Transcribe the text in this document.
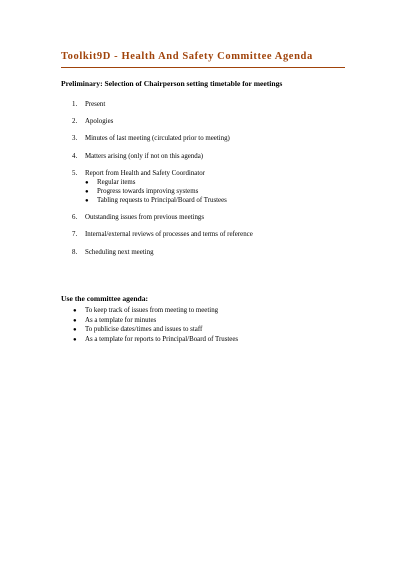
Toolkit9D - Health And Safety Committee Agenda
Preliminary: Selection of Chairperson setting timetable for meetings
1. Present
2. Apologies
3. Minutes of last meeting (circulated prior to meeting)
4. Matters arising (only if not on this agenda)
5. Report from Health and Safety Coordinator
● Regular items
● Progress towards improving systems
● Tabling requests to Principal/Board of Trustees
6. Outstanding issues from previous meetings
7. Internal/external reviews of processes and terms of reference
8. Scheduling next meeting
Use the committee agenda:
● To keep track of issues from meeting to meeting
● As a template for minutes
● To publicise dates/times and issues to staff
● As a template for reports to Principal/Board of Trustees
